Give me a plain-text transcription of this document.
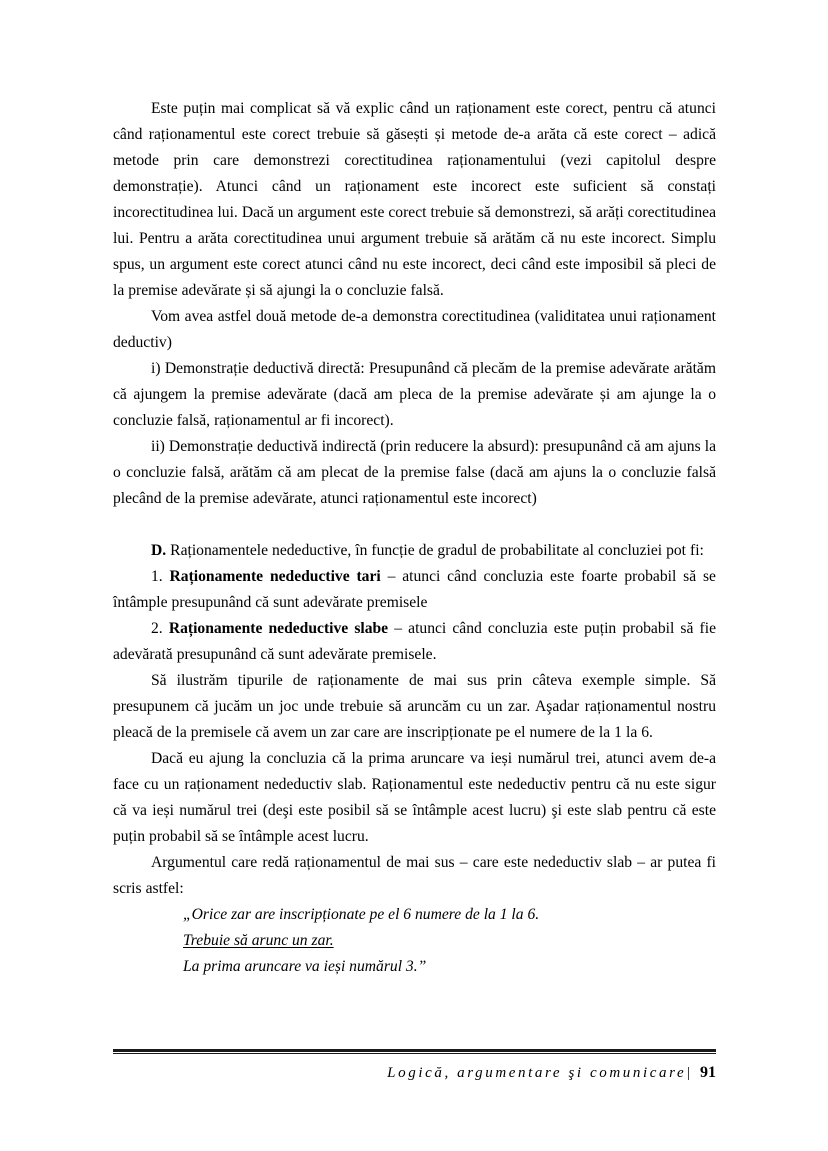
Este puțin mai complicat să vă explic când un raționament este corect, pentru că atunci când raționamentul este corect trebuie să găsești și metode de-a arăta că este corect – adică metode prin care demonstrezi corectitudinea raționamentului (vezi capitolul despre demonstrație). Atunci când un raționament este incorect este suficient să constați incorectitudinea lui. Dacă un argument este corect trebuie să demonstrezi, să arăți corectitudinea lui. Pentru a arăta corectitudinea unui argument trebuie să arătăm că nu este incorect. Simplu spus, un argument este corect atunci când nu este incorect, deci când este imposibil să pleci de la premise adevărate și să ajungi la o concluzie falsă.

Vom avea astfel două metode de-a demonstra corectitudinea (validitatea unui raționament deductiv)

i) Demonstrație deductivă directă: Presupunând că plecăm de la premise adevărate arătăm că ajungem la premise adevărate (dacă am pleca de la premise adevărate și am ajunge la o concluzie falsă, raționamentul ar fi incorect).

ii) Demonstrație deductivă indirectă (prin reducere la absurd): presupunând că am ajuns la o concluzie falsă, arătăm că am plecat de la premise false (dacă am ajuns la o concluzie falsă plecând de la premise adevărate, atunci raționamentul este incorect)

D. Raționamentele nedeductive, în funcție de gradul de probabilitate al concluziei pot fi:

1. Raționamente nedeductive tari – atunci când concluzia este foarte probabil să se întâmple presupunând că sunt adevărate premisele

2. Raționamente nedeductive slabe – atunci când concluzia este puțin probabil să fie adevărată presupunând că sunt adevărate premisele.

Să ilustrăm tipurile de raționamente de mai sus prin câteva exemple simple. Să presupunem că jucăm un joc unde trebuie să aruncăm cu un zar. Aşadar raționamentul nostru pleacă de la premisele că avem un zar care are inscripționate pe el numere de la 1 la 6.

Dacă eu ajung la concluzia că la prima aruncare va ieși numărul trei, atunci avem de-a face cu un raționament nedeductiv slab. Raționamentul este nedeductiv pentru că nu este sigur că va ieși numărul trei (deşi este posibil să se întâmple acest lucru) şi este slab pentru că este puțin probabil să se întâmple acest lucru.

Argumentul care redă raționamentul de mai sus – care este nedeductiv slab – ar putea fi scris astfel:

„Orice zar are inscripționate pe el 6 numere de la 1 la 6.

Trebuie să arunc un zar.

La prima aruncare va ieși numărul 3.”

Logică, argumentare şi comunicare| 91
